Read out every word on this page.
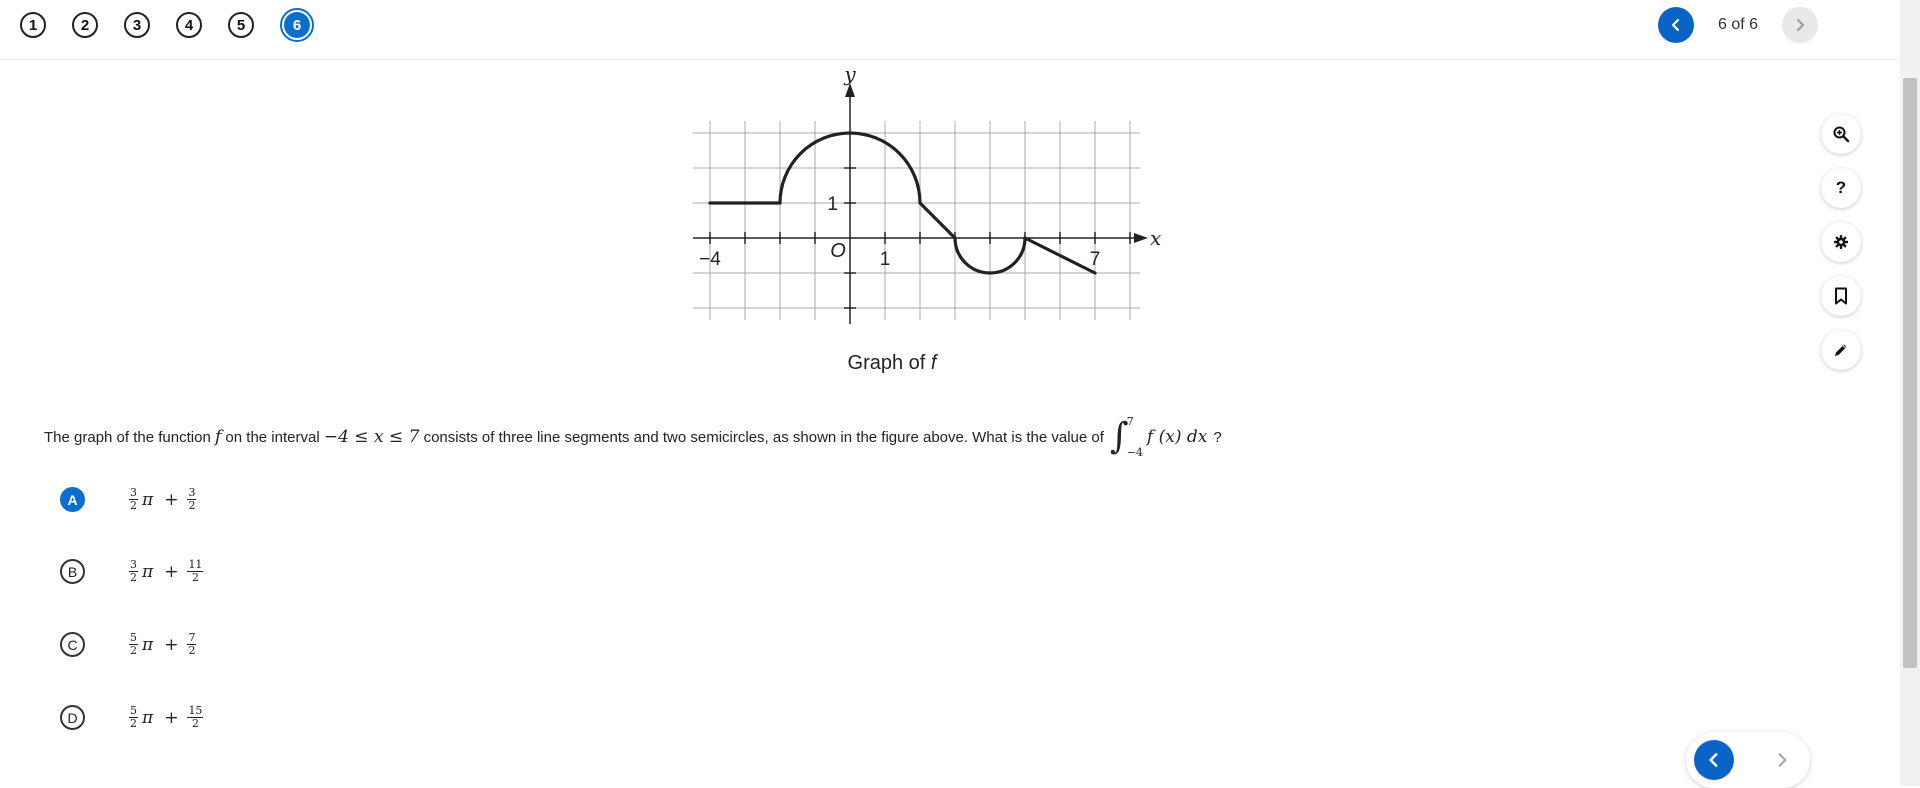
1	2	3	4	5	6	6 of 6
?
x
y
O
−4	1	7
1
Graph of f
The graph of the function
f
on the interval
−4 ≤ x ≤ 7
consists of three line segments and two semicircles, as shown in the figure above. What is the value of ∫
7
−4
f (x) dx ?
A	$\frac{3}{2}$ $\pi + \frac{3}{2}$
B	$\frac{3}{2}$ $\pi + \frac{11}{2}$
C	$\frac{5}{2}$ $\pi + \frac{7}{2}$
D	$\frac{5}{2}$ $\pi + \frac{15}{2}$
